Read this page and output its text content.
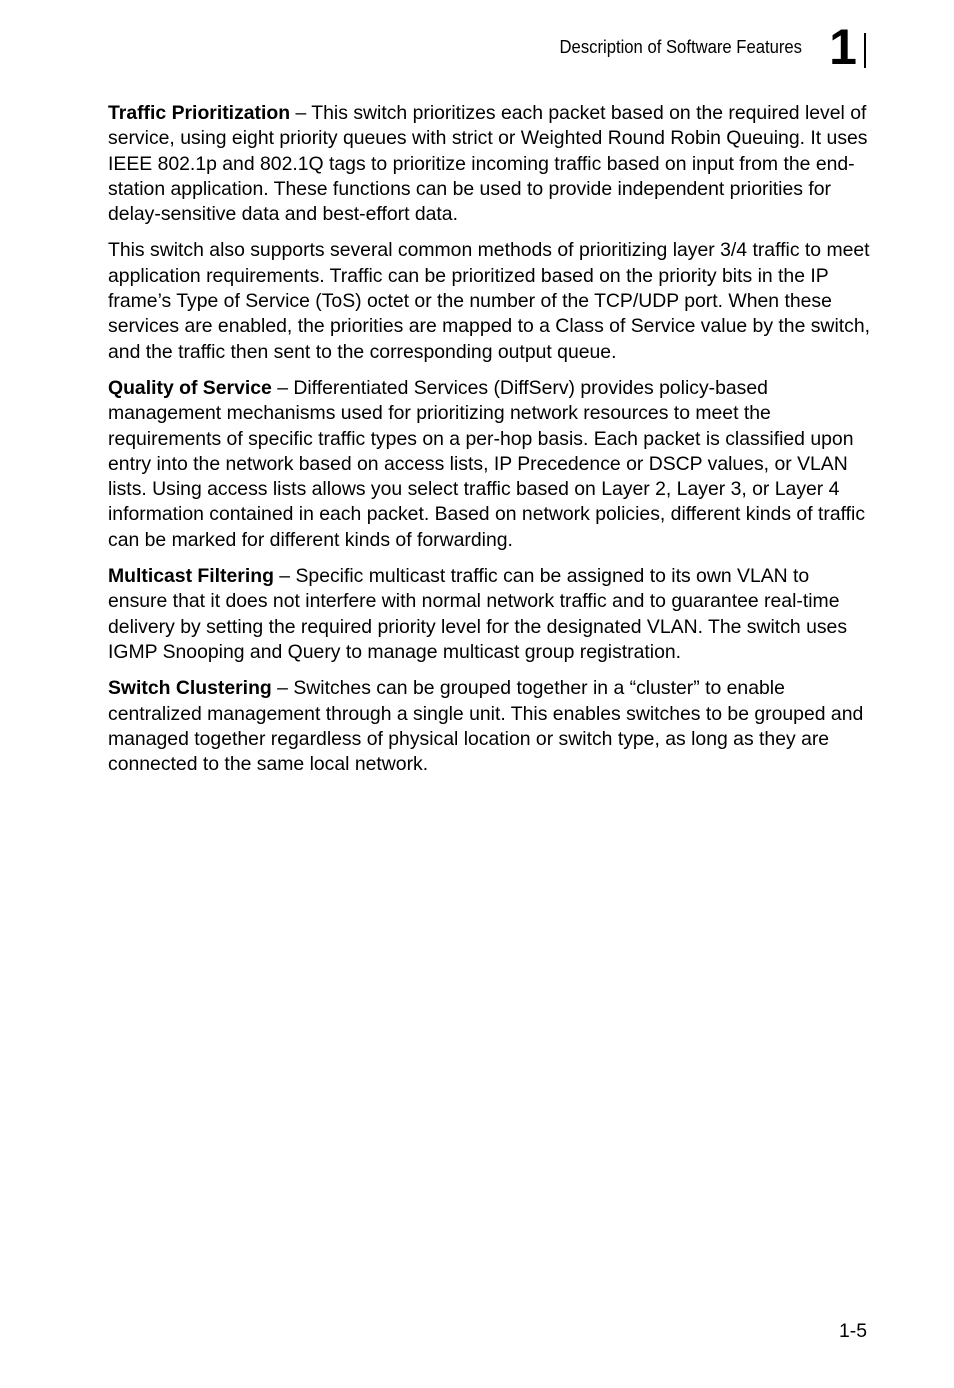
Description of Software Features 1

Traffic Prioritization – This switch prioritizes each packet based on the required level of service, using eight priority queues with strict or Weighted Round Robin Queuing. It uses IEEE 802.1p and 802.1Q tags to prioritize incoming traffic based on input from the end-station application. These functions can be used to provide independent priorities for delay-sensitive data and best-effort data.

This switch also supports several common methods of prioritizing layer 3/4 traffic to meet application requirements. Traffic can be prioritized based on the priority bits in the IP frame’s Type of Service (ToS) octet or the number of the TCP/UDP port. When these services are enabled, the priorities are mapped to a Class of Service value by the switch, and the traffic then sent to the corresponding output queue.

Quality of Service – Differentiated Services (DiffServ) provides policy-based management mechanisms used for prioritizing network resources to meet the requirements of specific traffic types on a per-hop basis. Each packet is classified upon entry into the network based on access lists, IP Precedence or DSCP values, or VLAN lists. Using access lists allows you select traffic based on Layer 2, Layer 3, or Layer 4 information contained in each packet. Based on network policies, different kinds of traffic can be marked for different kinds of forwarding.

Multicast Filtering – Specific multicast traffic can be assigned to its own VLAN to ensure that it does not interfere with normal network traffic and to guarantee real-time delivery by setting the required priority level for the designated VLAN. The switch uses IGMP Snooping and Query to manage multicast group registration.

Switch Clustering – Switches can be grouped together in a “cluster” to enable centralized management through a single unit. This enables switches to be grouped and managed together regardless of physical location or switch type, as long as they are connected to the same local network.

1-5
